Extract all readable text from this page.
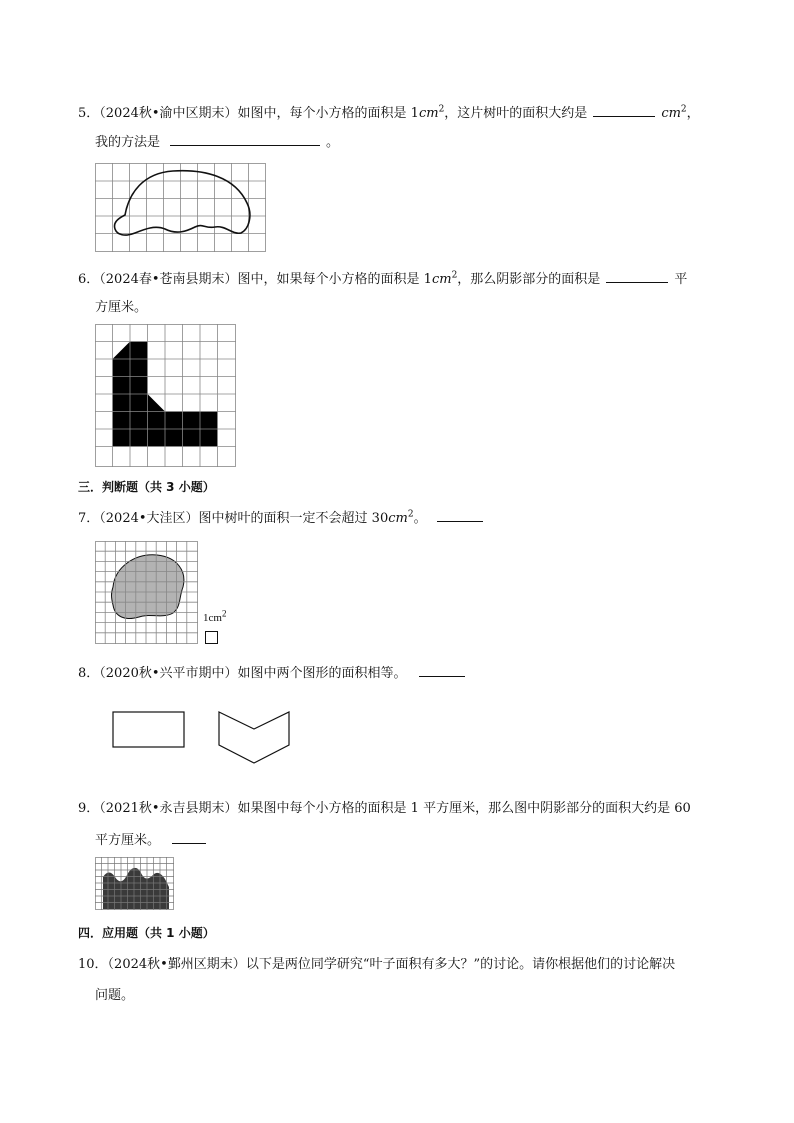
5．（2024秋•渝中区期末）如图中，每个小方格的面积是 $1cm^2$，这片树叶的面积大约是	$cm^2$，
我的方法是	。
6．（2024春•苍南县期末）图中，如果每个小方格的面积是 $1cm^2$，那么阴影部分的面积是	平
方厘米。
三．判断题（共 3 小题）
7．（2024•大洼区）图中树叶的面积一定不会超过 $30cm^2$。
$1cm^2$
8．（2020秋•兴平市期中）如图中两个图形的面积相等。
9．（2021秋•永吉县期末）如果图中每个小方格的面积是 1 平方厘米，那么图中阴影部分的面积大约是 60
平方厘米。
四．应用题（共 1 小题）
10．（2024秋•鄞州区期末）以下是两位同学研究“叶子面积有多大？”的讨论。请你根据他们的讨论解决
问题。
